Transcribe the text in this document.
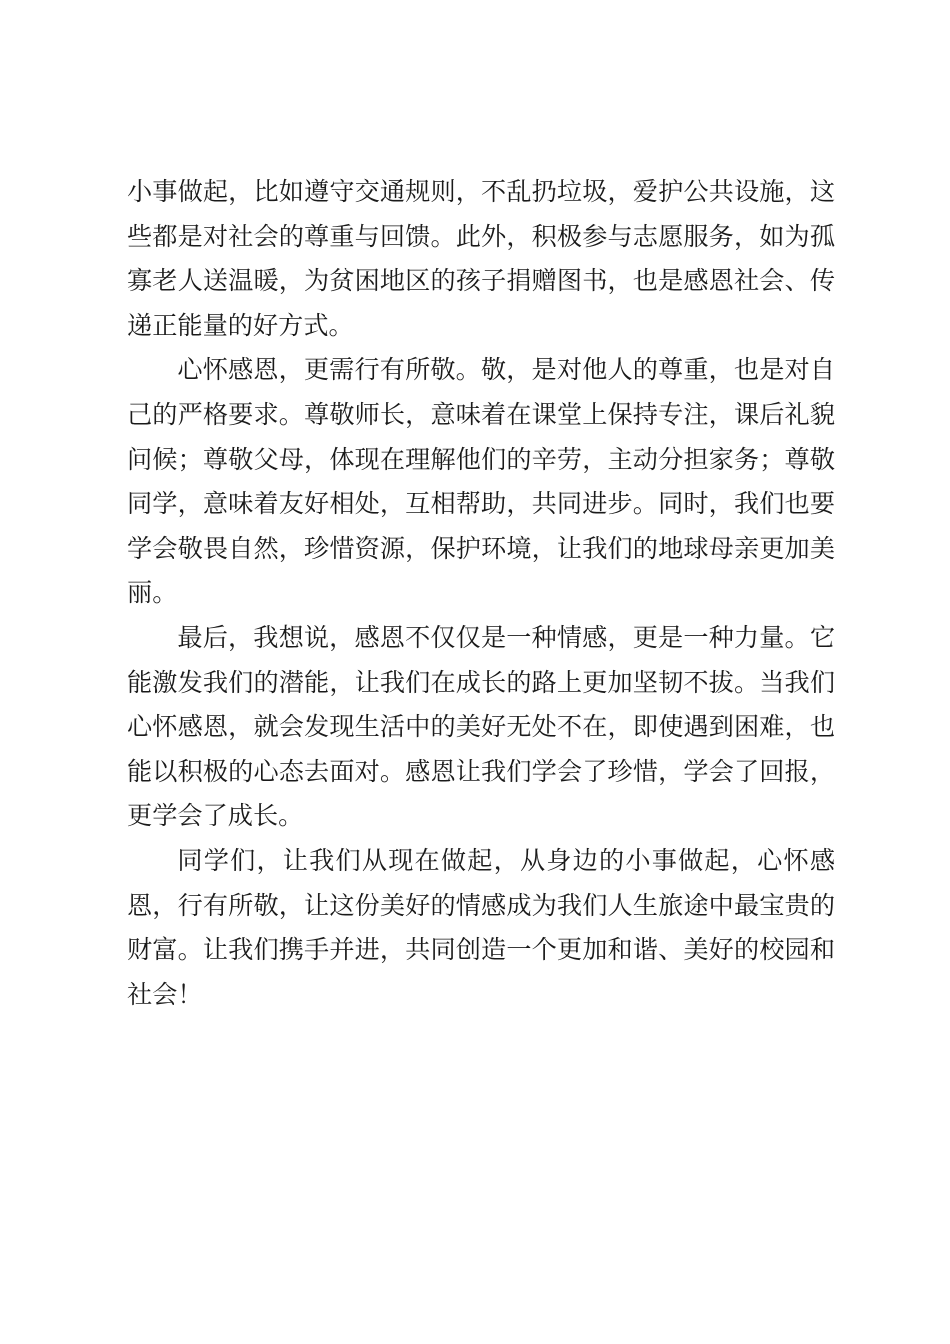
小事做起，比如遵守交通规则，不乱扔垃圾，爱护公共设施，这些都是对社会的尊重与回馈。此外，积极参与志愿服务，如为孤寡老人送温暖，为贫困地区的孩子捐赠图书，也是感恩社会、传递正能量的好方式。

心怀感恩，更需行有所敬。敬，是对他人的尊重，也是对自己的严格要求。尊敬师长，意味着在课堂上保持专注，课后礼貌问候；尊敬父母，体现在理解他们的辛劳，主动分担家务；尊敬同学，意味着友好相处，互相帮助，共同进步。同时，我们也要学会敬畏自然，珍惜资源，保护环境，让我们的地球母亲更加美丽。

最后，我想说，感恩不仅仅是一种情感，更是一种力量。它能激发我们的潜能，让我们在成长的路上更加坚韧不拔。当我们心怀感恩，就会发现生活中的美好无处不在，即使遇到困难，也能以积极的心态去面对。感恩让我们学会了珍惜，学会了回报，更学会了成长。

同学们，让我们从现在做起，从身边的小事做起，心怀感恩，行有所敬，让这份美好的情感成为我们人生旅途中最宝贵的财富。让我们携手并进，共同创造一个更加和谐、美好的校园和社会！
